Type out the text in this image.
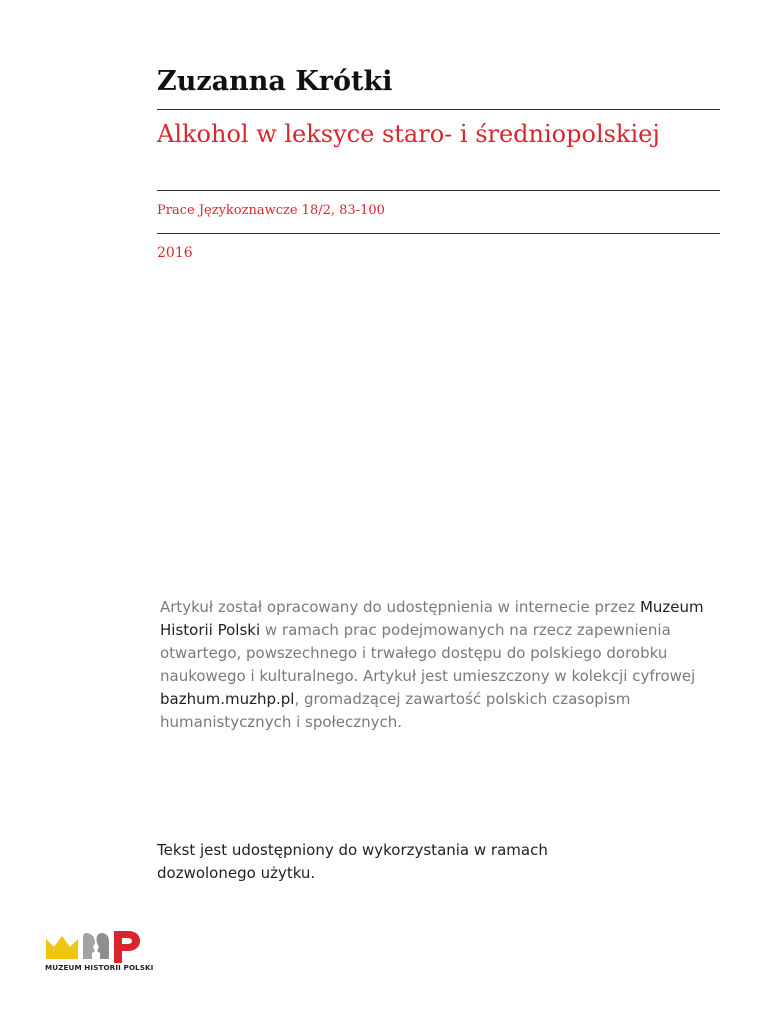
Zuzanna Krótki
Alkohol w leksyce staro- i średniopolskiej
Prace Językoznawcze 18/2, 83-100
2016
Artykuł został opracowany do udostępnienia w internecie przez Muzeum Historii Polski w ramach prac podejmowanych na rzecz zapewnienia otwartego, powszechnego i trwałego dostępu do polskiego dorobku naukowego i kulturalnego. Artykuł jest umieszczony w kolekcji cyfrowej bazhum.muzhp.pl, gromadzącej zawartość polskich czasopism humanistycznych i społecznych.
Tekst jest udostępniony do wykorzystania w ramach dozwolonego użytku.
MUZEUM HISTORII POLSKI
